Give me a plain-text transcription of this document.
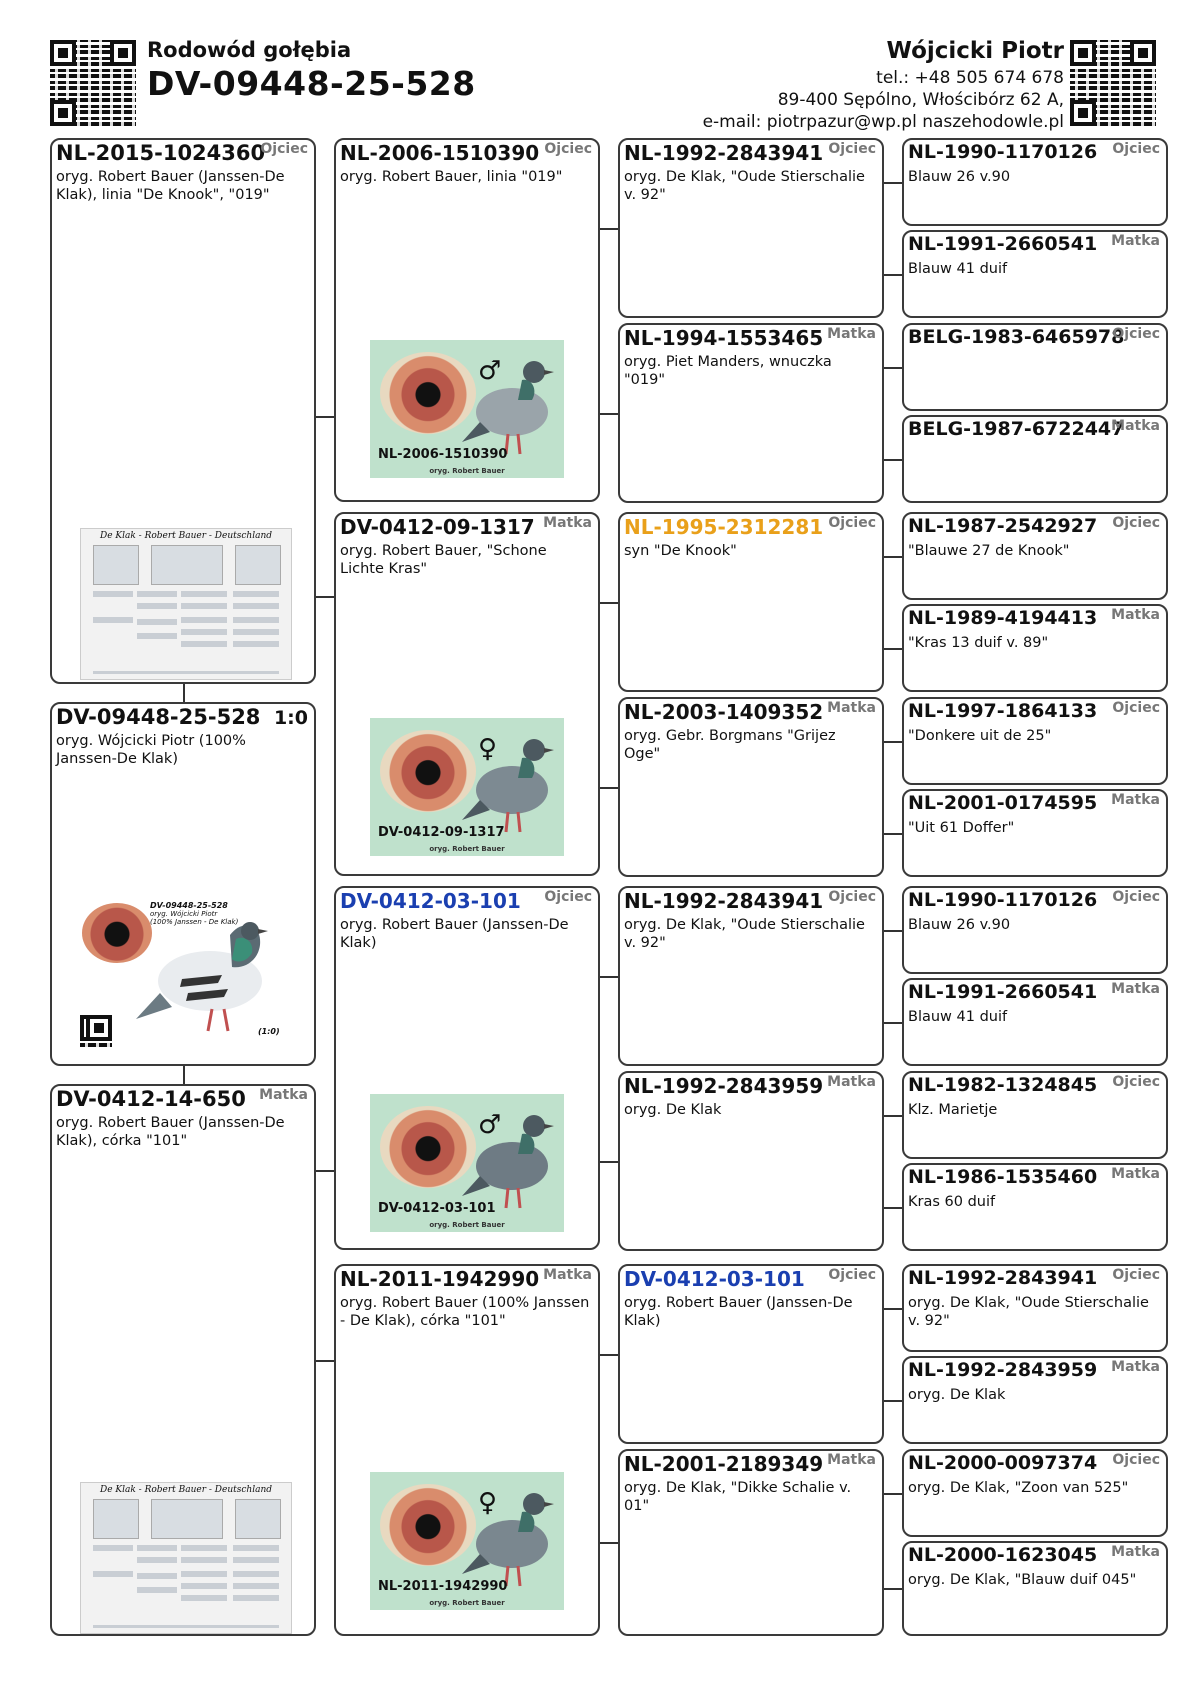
Rodowód gołębia
DV-09448-25-528
Wójcicki Piotr
tel.: +48 505 674 678
89-400 Sępólno, Włościbórz 62 A,
e-mail: piotrpazur@wp.pl naszehodowle.pl
NL-2015-1024360
Ojciec
oryg. Robert Bauer (Janssen-De Klak), linia "De Knook", "019"
De Klak - Robert Bauer - Deutschland
DV-09448-25-528 1:0
oryg. Wójcicki Piotr (100% Janssen-De Klak)
DV-09448-25-528
oryg. Wójcicki Piotr
(100% Janssen - De Klak)
(1:0)
DV-0412-14-650 Matka
oryg. Robert Bauer (Janssen-De Klak), córka "101"
De Klak - Robert Bauer - Deutschland
NL-2006-1510390 Ojciec
oryg. Robert Bauer, linia "019"
♂
NL-2006-1510390
oryg. Robert Bauer
DV-0412-09-1317 Matka
oryg. Robert Bauer, "Schone Lichte Kras"
♀
DV-0412-09-1317
oryg. Robert Bauer
DV-0412-03-101 Ojciec
oryg. Robert Bauer (Janssen-De Klak)
♂
DV-0412-03-101
oryg. Robert Bauer
NL-2011-1942990 Matka
oryg. Robert Bauer (100% Janssen - De Klak), córka "101"
♀
NL-2011-1942990
oryg. Robert Bauer
NL-1992-2843941 Ojciec
oryg. De Klak, "Oude Stierschalie v. 92"
NL-1994-1553465 Matka
oryg. Piet Manders, wnuczka "019"
NL-1995-2312281 Ojciec
syn "De Knook"
NL-2003-1409352 Matka
oryg. Gebr. Borgmans "Grijez Oge"
NL-1992-2843941 Ojciec
oryg. De Klak, "Oude Stierschalie v. 92"
NL-1992-2843959 Matka
oryg. De Klak
DV-0412-03-101 Ojciec
oryg. Robert Bauer (Janssen-De Klak)
NL-2001-2189349 Matka
oryg. De Klak, "Dikke Schalie v. 01"
NL-1990-1170126 Ojciec
Blauw 26 v.90
NL-1991-2660541 Matka
Blauw 41 duif
BELG-1983-6465978
Ojciec
BELG-1987-6722447
Matka
NL-1987-2542927 Ojciec
"Blauwe 27 de Knook"
NL-1989-4194413 Matka
"Kras 13 duif v. 89"
NL-1997-1864133 Ojciec
"Donkere uit de 25"
NL-2001-0174595 Matka
"Uit 61 Doffer"
NL-1990-1170126 Ojciec
Blauw 26 v.90
NL-1991-2660541 Matka
Blauw 41 duif
NL-1982-1324845 Ojciec
Klz. Marietje
NL-1986-1535460 Matka
Kras 60 duif
NL-1992-2843941 Ojciec
oryg. De Klak, "Oude Stierschalie v. 92"
NL-1992-2843959 Matka
oryg. De Klak
NL-2000-0097374 Ojciec
oryg. De Klak, "Zoon van 525"
NL-2000-1623045 Matka
oryg. De Klak, "Blauw duif 045"
